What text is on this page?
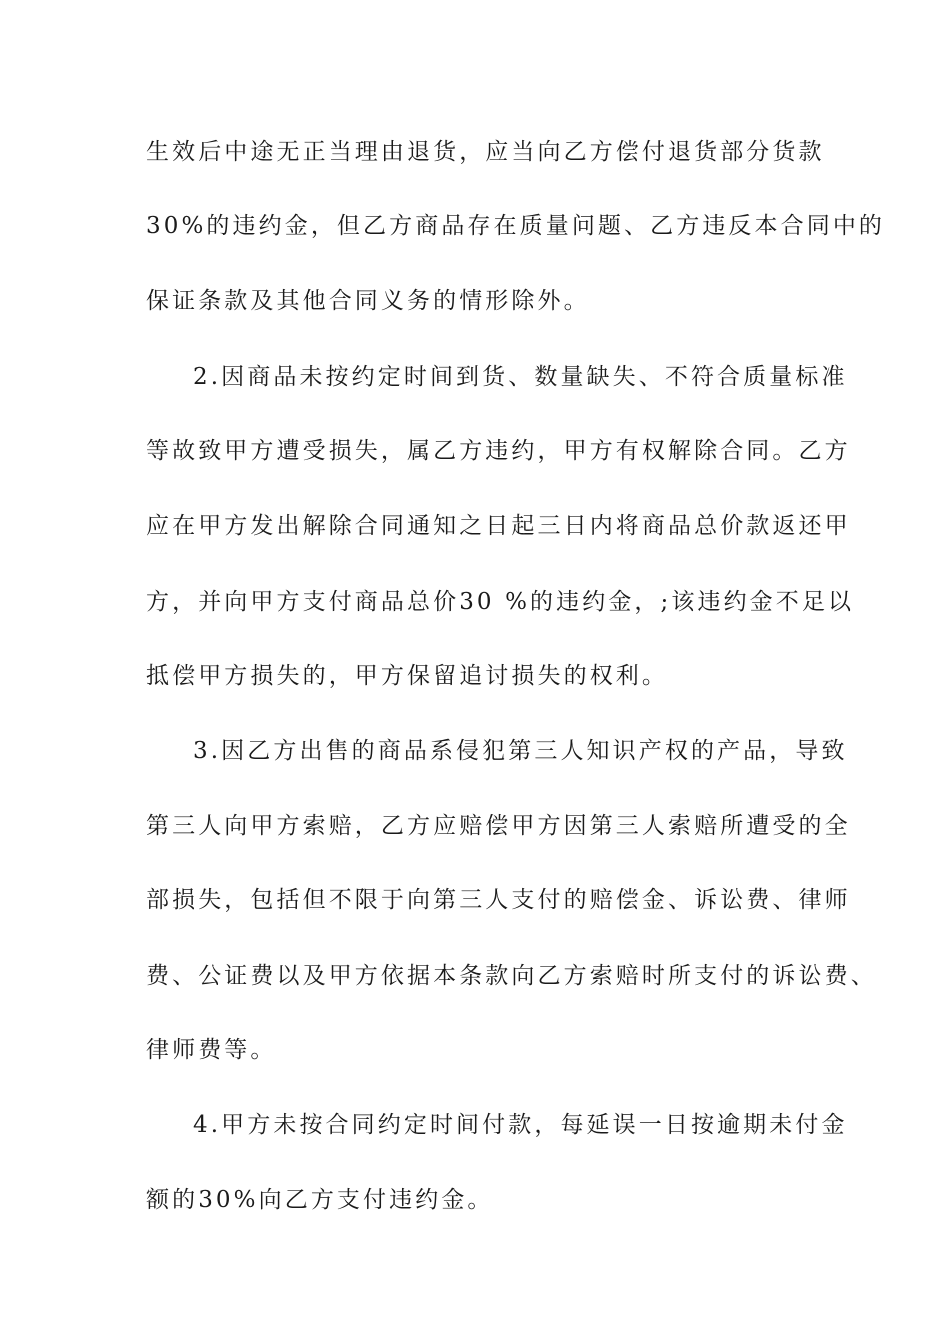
生效后中途无正当理由退货，应当向乙方偿付退货部分货款
30%的违约金，但乙方商品存在质量问题、乙方违反本合同中的
保证条款及其他合同义务的情形除外。
2.因商品未按约定时间到货、数量缺失、不符合质量标准
等故致甲方遭受损失，属乙方违约，甲方有权解除合同。乙方
应在甲方发出解除合同通知之日起三日内将商品总价款返还甲
方，并向甲方支付商品总价30 %的违约金，;该违约金不足以
抵偿甲方损失的，甲方保留追讨损失的权利。
3.因乙方出售的商品系侵犯第三人知识产权的产品，导致
第三人向甲方索赔，乙方应赔偿甲方因第三人索赔所遭受的全
部损失，包括但不限于向第三人支付的赔偿金、诉讼费、律师
费、公证费以及甲方依据本条款向乙方索赔时所支付的诉讼费、
律师费等。
4.甲方未按合同约定时间付款，每延误一日按逾期未付金
额的30%向乙方支付违约金。
